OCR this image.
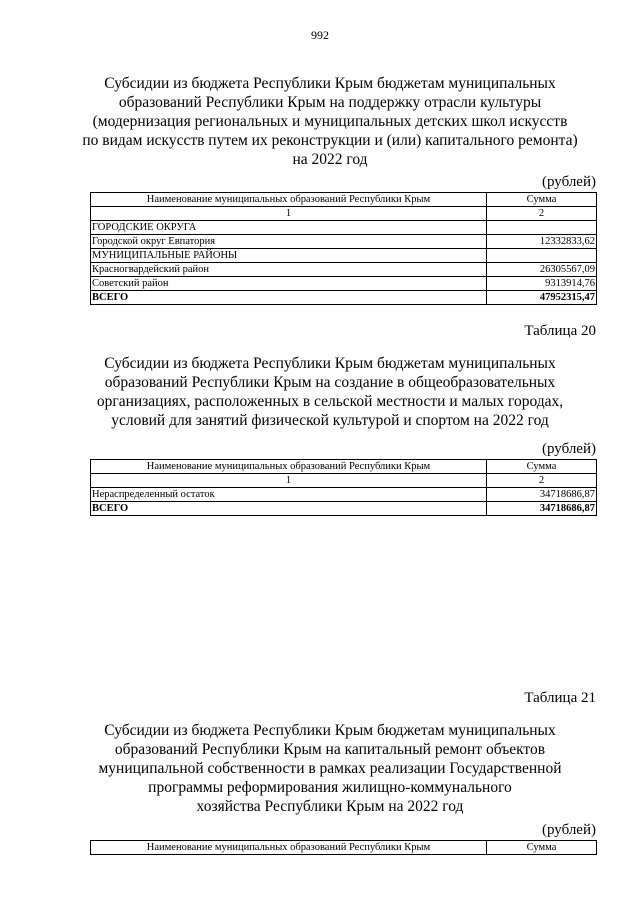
992
Субсидии из бюджета Республики Крым бюджетам муниципальных
образований Республики Крым на поддержку отрасли культуры
(модернизация региональных и муниципальных детских школ искусств
по видам искусств путем их реконструкции и (или) капитального ремонта)
на 2022 год
(рублей)
Наименование муниципальных образований Республики Крым	Сумма
1	2
ГОРОДСКИЕ ОКРУГА	
Городской округ Евпатория	12332833,62
МУНИЦИПАЛЬНЫЕ РАЙОНЫ	
Красногвардейский район	26305567,09
Советский район	9313914,76
ВСЕГО	47952315,47
Таблица 20
Субсидии из бюджета Республики Крым бюджетам муниципальных
образований Республики Крым на создание в общеобразовательных
организациях, расположенных в сельской местности и малых городах,
условий для занятий физической культурой и спортом на 2022 год
(рублей)
Наименование муниципальных образований Республики Крым	Сумма
1	2
Нераспределенный остаток	34718686,87
ВСЕГО	34718686,87
Таблица 21
Субсидии из бюджета Республики Крым бюджетам муниципальных
образований Республики Крым на капитальный ремонт объектов
муниципальной собственности в рамках реализации Государственной
программы реформирования жилищно-коммунального
хозяйства Республики Крым на 2022 год
(рублей)
Наименование муниципальных образований Республики Крым	Сумма
